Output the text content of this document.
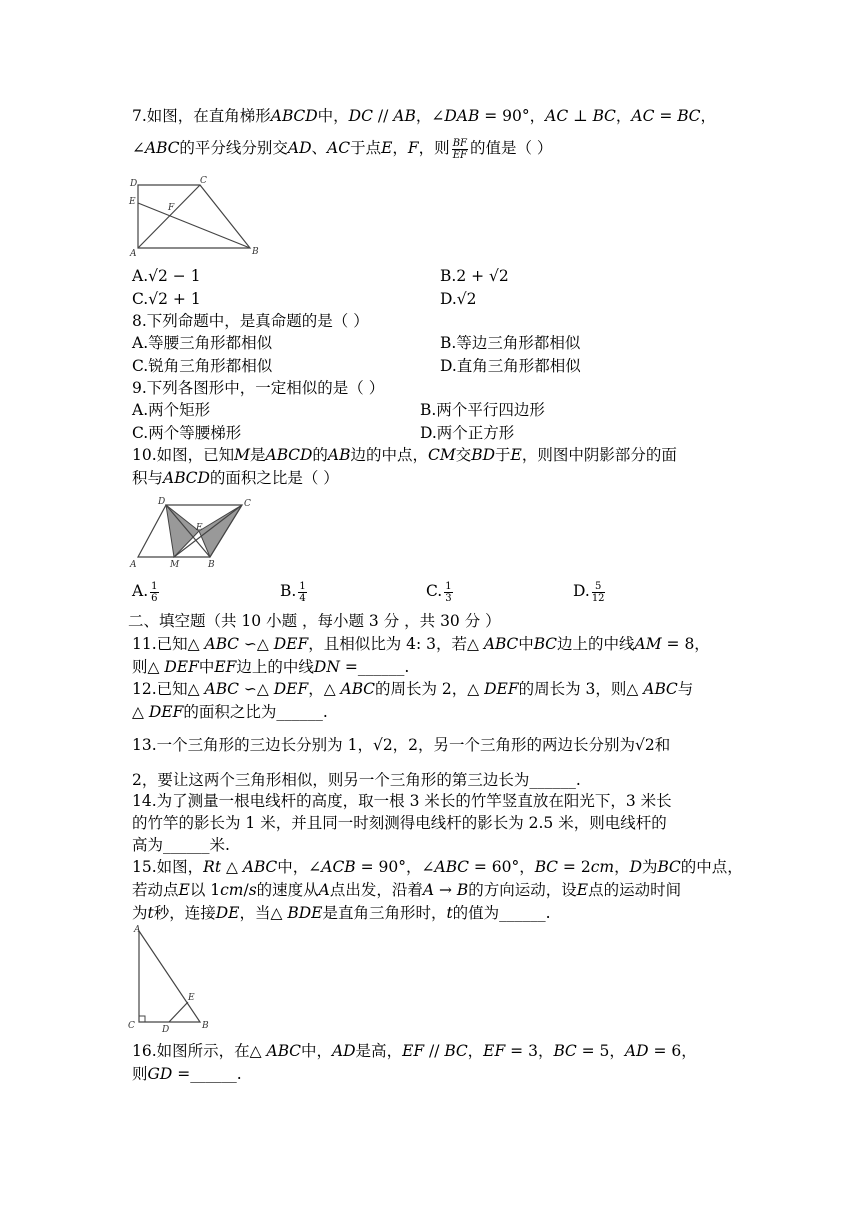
7.如图，在直角梯形𝐴𝐵𝐶𝐷中，𝐷𝐶 // 𝐴𝐵，∠𝐷𝐴𝐵 = 90°，𝐴𝐶 ⊥ 𝐵𝐶，𝐴𝐶 = 𝐵𝐶，
∠𝐴𝐵𝐶的平分线分别交𝐴𝐷、𝐴𝐶于点𝐸，𝐹，则 $\frac{\text{𝐵𝐹}}{\text{𝐸𝐹}}$ 的值是（ ）
D	C
E
F
A	B
A.√2 − 1	B.2 + √2
C.√2 + 1	D.√2
8.下列命题中，是真命题的是（ ）
A.等腰三角形都相似	B.等边三角形都相似
C.锐角三角形都相似	D.直角三角形都相似
9.下列各图形中，一定相似的是（ ）
A.两个矩形	B.两个平行四边形
C.两个等腰梯形	D.两个正方形
10.如图，已知𝑀是𝐴𝐵𝐶𝐷的𝐴𝐵边的中点，𝐶𝑀交𝐵𝐷于𝐸，则图中阴影部分的面
积与𝐴𝐵𝐶𝐷的面积之比是（ ）
D	C
E
A	M	B
A. $\frac{1}{6}$	B. $\frac{1}{4}$	C. $\frac{1}{3}$	D. $\frac{5}{12}$
二、填空题（共 10 小题 ，每小题 3 分 ，共 30 分 ）
11.已知△ 𝐴𝐵𝐶 ∽△ 𝐷𝐸𝐹，且相似比为 4: 3，若△ 𝐴𝐵𝐶中𝐵𝐶边上的中线𝐴𝑀 = 8，
则△ 𝐷𝐸𝐹中𝐸𝐹边上的中线𝐷𝑁 =______.
12.已知△ 𝐴𝐵𝐶 ∽△ 𝐷𝐸𝐹，△ 𝐴𝐵𝐶的周长为 2，△ 𝐷𝐸𝐹的周长为 3，则△ 𝐴𝐵𝐶与
△ 𝐷𝐸𝐹的面积之比为______.
13.一个三角形的三边长分别为 1，√2，2，另一个三角形的两边长分别为√2和
2，要让这两个三角形相似，则另一个三角形的第三边长为______.
14.为了测量一根电线杆的高度，取一根 3 米长的竹竿竖直放在阳光下，3 米长
的竹竿的影长为 1 米，并且同一时刻测得电线杆的影长为 2.5 米，则电线杆的
高为______米.
15.如图，𝑅𝑡 △ 𝐴𝐵𝐶中，∠𝐴𝐶𝐵 = 90°，∠𝐴𝐵𝐶 = 60°，𝐵𝐶 = 2𝑐𝑚，𝐷为𝐵𝐶的中点，
若动点𝐸以 1𝑐𝑚/𝑠的速度从𝐴点出发，沿着𝐴 → 𝐵的方向运动，设𝐸点的运动时间
为𝑡秒，连接𝐷𝐸，当△ 𝐵𝐷𝐸是直角三角形时，𝑡的值为______.
A
E
C	D	B
16.如图所示，在△ 𝐴𝐵𝐶中，𝐴𝐷是高，𝐸𝐹 // 𝐵𝐶，𝐸𝐹 = 3，𝐵𝐶 = 5，𝐴𝐷 = 6，
则𝐺𝐷 =______.
